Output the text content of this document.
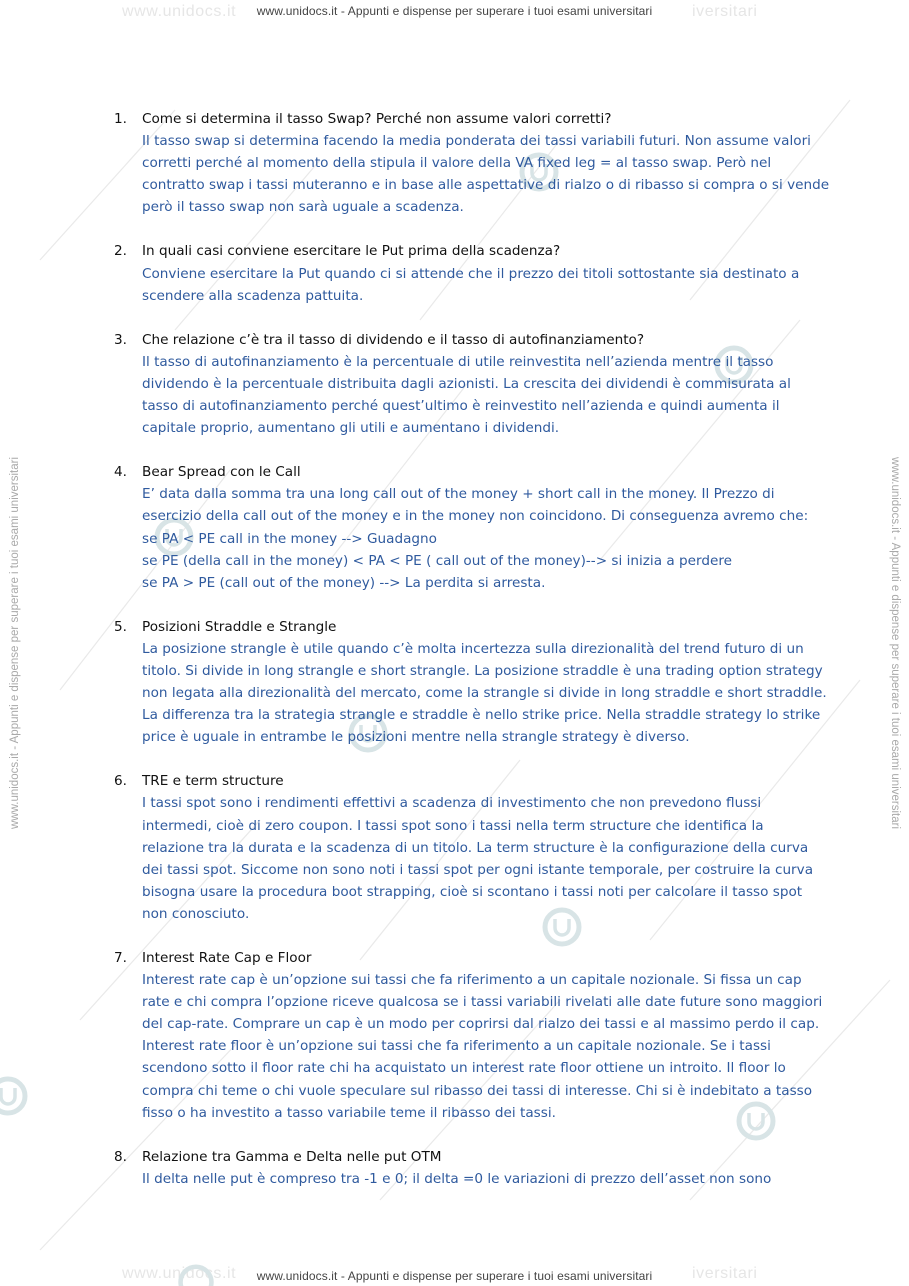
www.unidocs.it	iversitari
www.unidocs.it	iversitari
www.unidocs.it - Appunti e dispense per superare i tuoi esami universitari
www.unidocs.it - Appunti e dispense per superare i tuoi esami universitari
www.unidocs.it - Appunti e dispense per superare i tuoi esami universitari	www.unidocs.it - Appunti e dispense per superare i tuoi esami universitari
1. Come si determina il tasso Swap? Perché non assume valori corretti?
Il tasso swap si determina facendo la media ponderata dei tassi variabili futuri. Non assume valori
corretti perché al momento della stipula il valore della VA fixed leg = al tasso swap. Però nel
contratto swap i tassi muteranno e in base alle aspettative di rialzo o di ribasso si compra o si vende
però il tasso swap non sarà uguale a scadenza.
2. In quali casi conviene esercitare le Put prima della scadenza?
Conviene esercitare la Put quando ci si attende che il prezzo dei titoli sottostante sia destinato a
scendere alla scadenza pattuita.
3. Che relazione c’è tra il tasso di dividendo e il tasso di autofinanziamento?
Il tasso di autofinanziamento è la percentuale di utile reinvestita nell’azienda mentre il tasso
dividendo è la percentuale distribuita dagli azionisti. La crescita dei dividendi è commisurata al
tasso di autofinanziamento perché quest’ultimo è reinvestito nell’azienda e quindi aumenta il
capitale proprio, aumentano gli utili e aumentano i dividendi.
4. Bear Spread con le Call
E’ data dalla somma tra una long call out of the money + short call in the money. Il Prezzo di
esercizio della call out of the money e in the money non coincidono. Di conseguenza avremo che:
se PA < PE call in the money --> Guadagno
se PE (della call in the money) < PA < PE ( call out of the money)--> si inizia a perdere
se PA > PE (call out of the money) --> La perdita si arresta.
5. Posizioni Straddle e Strangle
La posizione strangle è utile quando c’è molta incertezza sulla direzionalità del trend futuro di un
titolo. Si divide in long strangle e short strangle. La posizione straddle è una trading option strategy
non legata alla direzionalità del mercato, come la strangle si divide in long straddle e short straddle.
La differenza tra la strategia strangle e straddle è nello strike price. Nella straddle strategy lo strike
price è uguale in entrambe le posizioni mentre nella strangle strategy è diverso.
6. TRE e term structure
I tassi spot sono i rendimenti effettivi a scadenza di investimento che non prevedono flussi
intermedi, cioè di zero coupon. I tassi spot sono i tassi nella term structure che identifica la
relazione tra la durata e la scadenza di un titolo. La term structure è la configurazione della curva
dei tassi spot. Siccome non sono noti i tassi spot per ogni istante temporale, per costruire la curva
bisogna usare la procedura boot strapping, cioè si scontano i tassi noti per calcolare il tasso spot
non conosciuto.
7. Interest Rate Cap e Floor
Interest rate cap è un’opzione sui tassi che fa riferimento a un capitale nozionale. Si fissa un cap
rate e chi compra l’opzione riceve qualcosa se i tassi variabili rivelati alle date future sono maggiori
del cap-rate. Comprare un cap è un modo per coprirsi dal rialzo dei tassi e al massimo perdo il cap.
Interest rate floor è un’opzione sui tassi che fa riferimento a un capitale nozionale. Se i tassi
scendono sotto il floor rate chi ha acquistato un interest rate floor ottiene un introito. Il floor lo
compra chi teme o chi vuole speculare sul ribasso dei tassi di interesse. Chi si è indebitato a tasso
fisso o ha investito a tasso variabile teme il ribasso dei tassi.
8. Relazione tra Gamma e Delta nelle put OTM
Il delta nelle put è compreso tra -1 e 0; il delta =0 le variazioni di prezzo dell’asset non sono
